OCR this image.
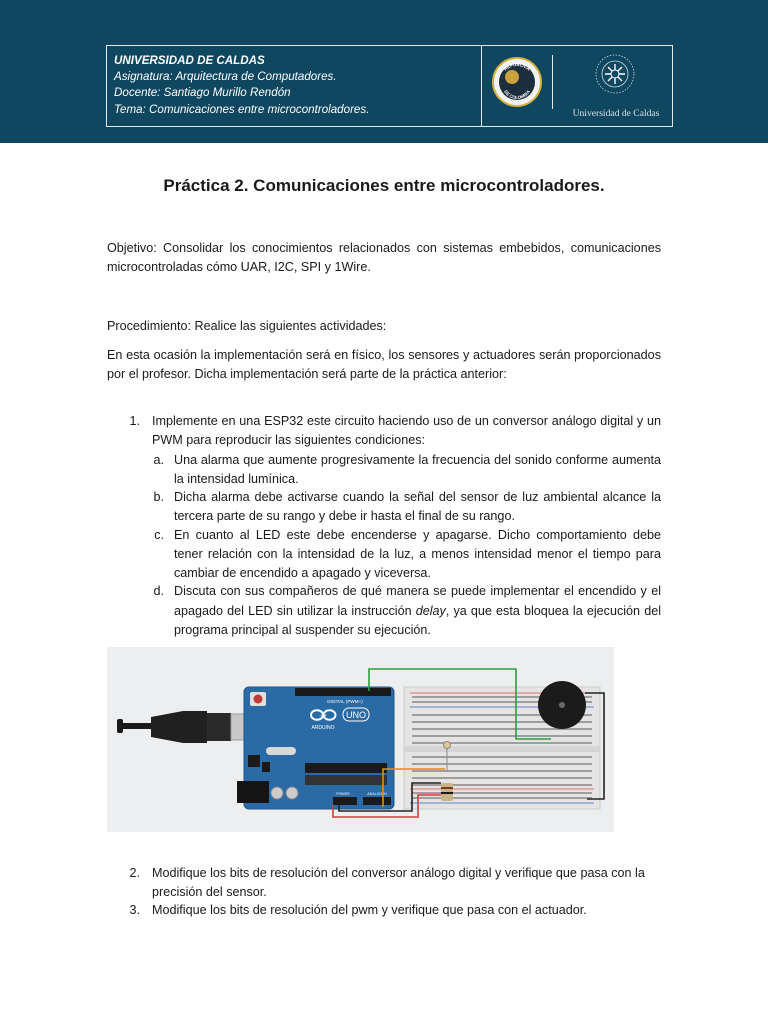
UNIVERSIDAD DE CALDAS
Asignatura: Arquitectura de Computadores.
Docente: Santiago Murillo Rendón
Tema: Comunicaciones entre microcontroladores.
REPÚBLICA
DE COLOMBIA
Universidad de Caldas
Práctica 2. Comunicaciones entre microcontroladores.
Objetivo: Consolidar los conocimientos relacionados con sistemas embebidos, comunicaciones microcontroladas cómo UAR, I2C, SPI y 1Wire.
Procedimiento: Realice las siguientes actividades:
En esta ocasión la implementación será en físico, los sensores y actuadores serán proporcionados por el profesor. Dicha implementación será parte de la práctica anterior:
1. Implemente en una ESP32 este circuito haciendo uso de un conversor análogo digital y un PWM para reproducir las siguientes condiciones:
a. Una alarma que aumente progresivamente la frecuencia del sonido conforme aumenta la intensidad lumínica.
b. Dicha alarma debe activarse cuando la señal del sensor de luz ambiental alcance la tercera parte de su rango y debe ir hasta el final de su rango.
c. En cuanto al LED este debe encenderse y apagarse. Dicho comportamiento debe tener relación con la intensidad de la luz, a menos intensidad menor el tiempo para cambiar de encendido a apagado y viceversa.
d. Discuta con sus compañeros de qué manera se puede implementar el encendido y el apagado del LED sin utilizar la instrucción delay, ya que esta bloquea la ejecución del programa principal al suspender su ejecución.
DIGITAL (PWM~)
– + UNO
ARDUINO
POWER	ANALOG IN
2. Modifique los bits de resolución del conversor análogo digital y verifique que pasa con la precisión del sensor.
3. Modifique los bits de resolución del pwm y verifique que pasa con el actuador.
